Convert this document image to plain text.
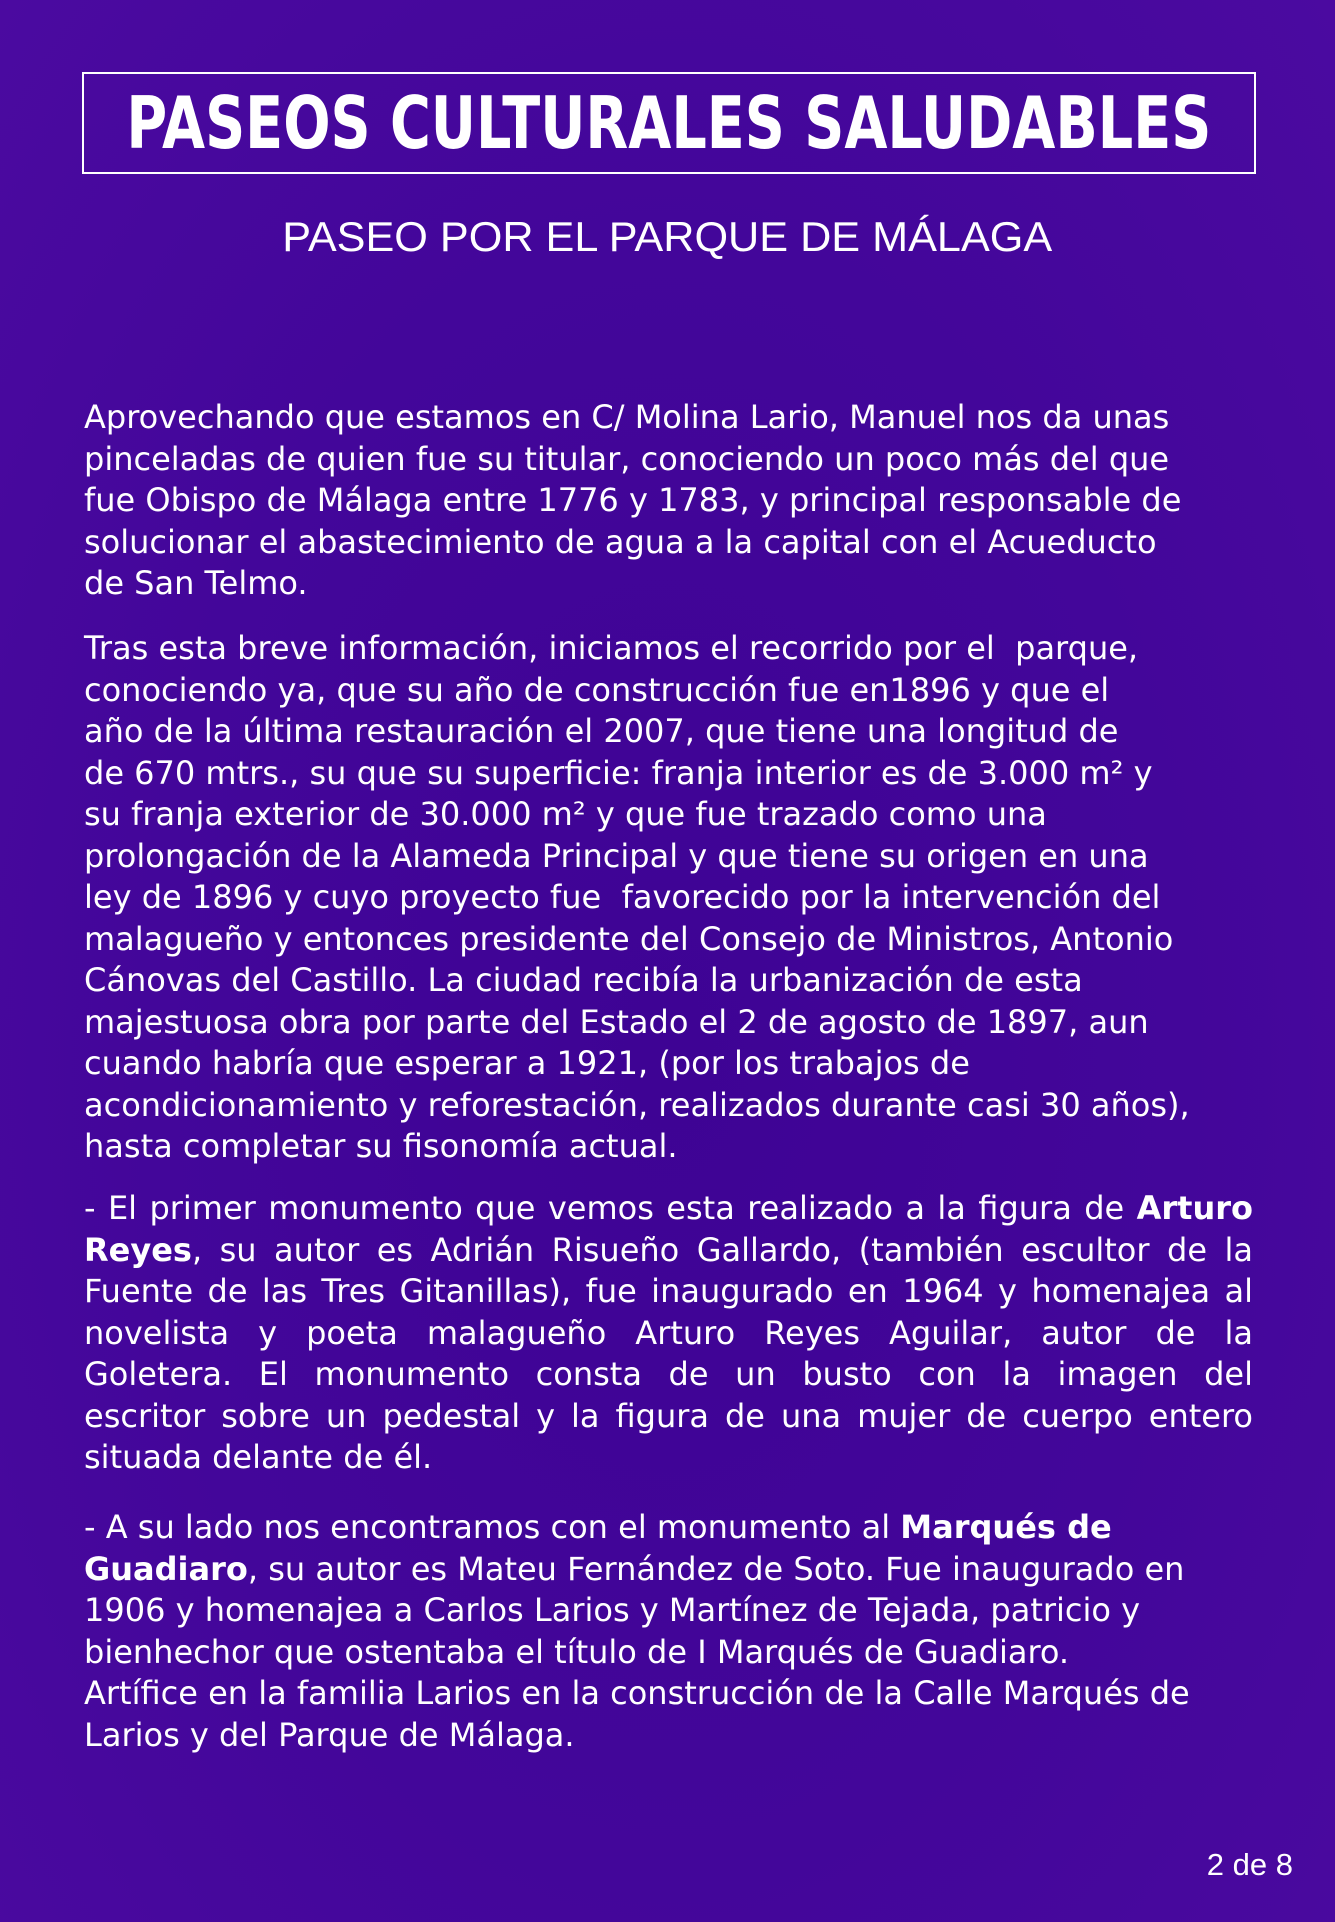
PASEOS CULTURALES SALUDABLES
PASEO POR EL PARQUE DE MÁLAGA
Aprovechando que estamos en C/ Molina Lario, Manuel nos da unas
pinceladas de quien fue su titular, conociendo un poco más del que
fue Obispo de Málaga entre 1776 y 1783, y principal responsable de
solucionar el abastecimiento de agua a la capital con el Acueducto
de San Telmo.
Tras esta breve información, iniciamos el recorrido por el  parque,
conociendo ya, que su año de construcción fue en1896 y que el
año de la última restauración el 2007, que tiene una longitud de
de 670 mtrs., su que su superficie: franja interior es de 3.000 m² y
su franja exterior de 30.000 m² y que fue trazado como una
prolongación de la Alameda Principal y que tiene su origen en una
ley de 1896 y cuyo proyecto fue  favorecido por la intervención del
malagueño y entonces presidente del Consejo de Ministros, Antonio
Cánovas del Castillo. La ciudad recibía la urbanización de esta
majestuosa obra por parte del Estado el 2 de agosto de 1897, aun
cuando habría que esperar a 1921, (por los trabajos de
acondicionamiento y reforestación, realizados durante casi 30 años),
hasta completar su fisonomía actual.
- El primer monumento que vemos esta realizado a la figura de Arturo
Reyes, su autor es Adrián Risueño Gallardo, (también escultor de la
Fuente de las Tres Gitanillas), fue inaugurado en 1964 y homenajea al
novelista y poeta malagueño Arturo Reyes Aguilar, autor de la
Goletera. El monumento consta de un busto con la imagen del
escritor sobre un pedestal y la figura de una mujer de cuerpo entero
situada delante de él.
- A su lado nos encontramos con el monumento al Marqués de
Guadiaro, su autor es Mateu Fernández de Soto. Fue inaugurado en
1906 y homenajea a Carlos Larios y Martínez de Tejada, patricio y
bienhechor que ostentaba el título de I Marqués de Guadiaro.
Artífice en la familia Larios en la construcción de la Calle Marqués de
Larios y del Parque de Málaga.
2 de 8
